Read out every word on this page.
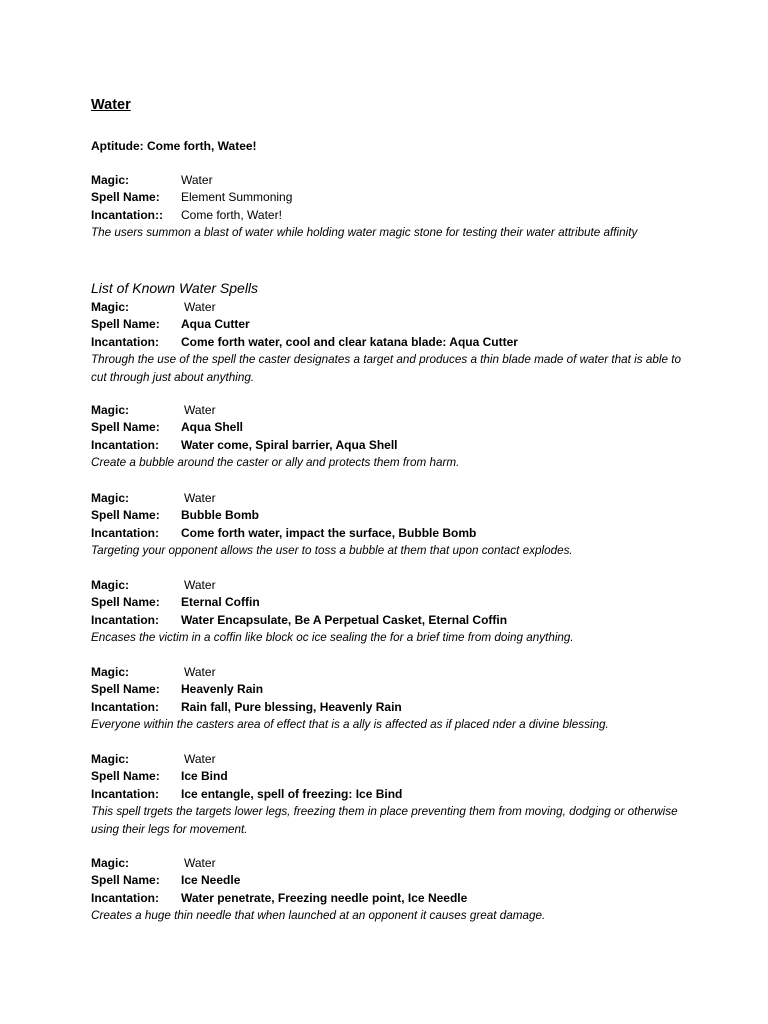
Water
Aptitude: Come forth, Watee!
Magic:	Water
Spell Name: Element Summoning
Incantation:: Come forth, Water!
The users summon a blast of water while holding water magic stone for testing their water attribute affinity
List of Known Water Spells
Magic:	Water
Spell Name: Aqua Cutter
Incantation: Come forth water, cool and clear katana blade: Aqua Cutter
Through the use of the spell the caster designates a target and produces a thin blade made of water that is able to cut through just about anything.
Magic:	Water
Spell Name: Aqua Shell
Incantation: Water come, Spiral barrier, Aqua Shell
Create a bubble around the caster or ally and protects them from harm.
Magic:	Water
Spell Name: Bubble Bomb
Incantation: Come forth water, impact the surface, Bubble Bomb
Targeting your opponent allows the user to toss a bubble at them that upon contact explodes.
Magic:	Water
Spell Name: Eternal Coffin
Incantation: Water Encapsulate, Be A Perpetual Casket, Eternal Coffin
Encases the victim in a coffin like block oc ice sealing the for a brief time from doing anything.
Magic:	Water
Spell Name: Heavenly Rain
Incantation: Rain fall, Pure blessing, Heavenly Rain
Everyone within the casters area of effect that is a ally is affected as if placed nder a divine blessing.
Magic:	Water
Spell Name: Ice Bind
Incantation: Ice entangle, spell of freezing: Ice Bind
This spell trgets the targets lower legs, freezing them in place preventing them from moving, dodging or otherwise using their legs for movement.
Magic:	Water
Spell Name: Ice Needle
Incantation: Water penetrate, Freezing needle point, Ice Needle
Creates a huge thin needle that when launched at an opponent it causes great damage.
